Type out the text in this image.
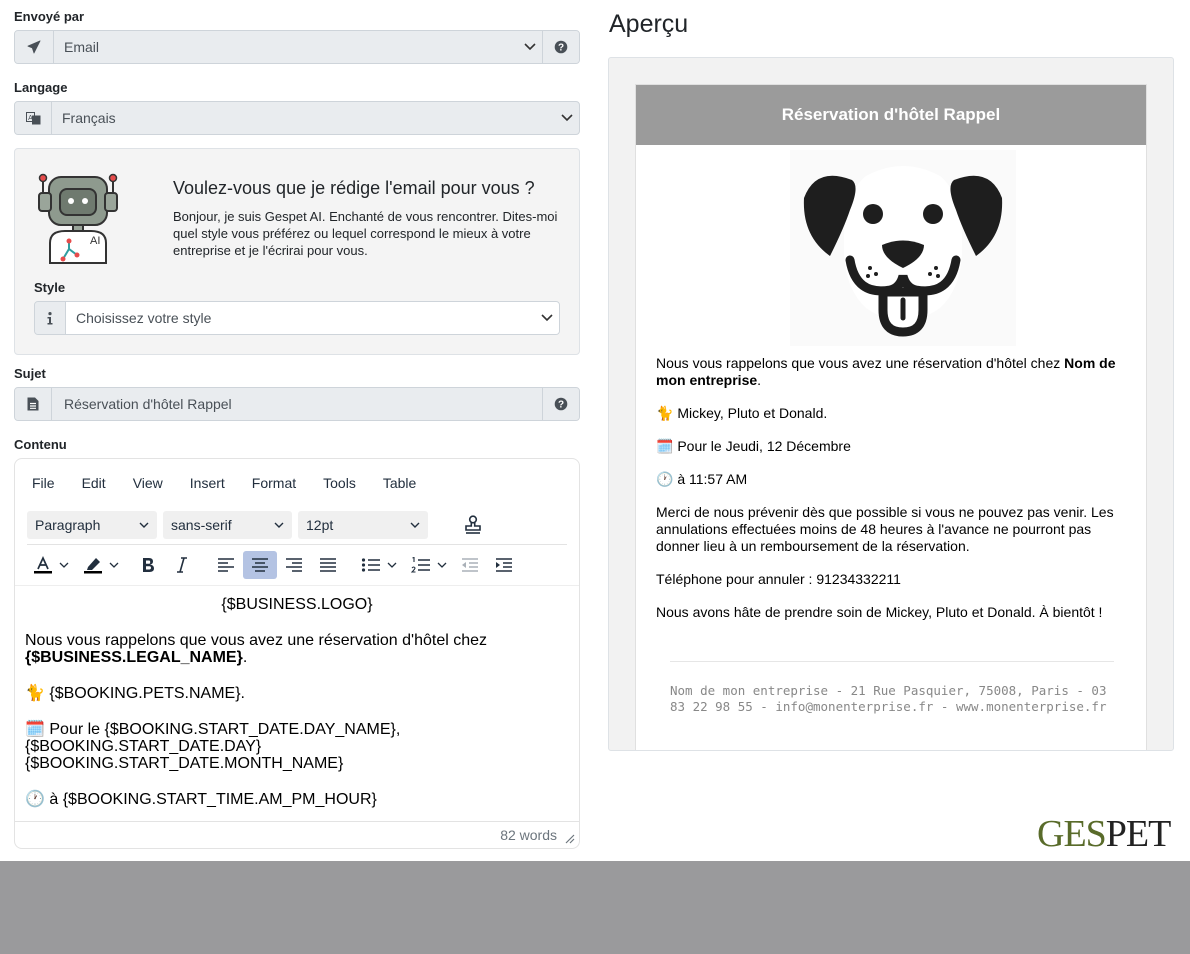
Envoyé par
Email	?
Langage
A Français
AI
Voulez-vous que je rédige l'email pour vous ?
Bonjour, je suis Gespet AI. Enchanté de vous rencontrer. Dites-moi quel style vous préférez ou lequel correspond le mieux à votre entreprise et je l'écrirai pour vous.
Style
Choisissez votre style
Sujet
Réservation d'hôtel Rappel	?
Contenu
File	Edit	View	Insert	Format	Tools	Table
Paragraph	sans-serif	12pt

{$BUSINESS.LOGO}

Nous vous rappelons que vous avez une réservation d'hôtel chez {$BUSINESS.LEGAL_NAME}.

🐈 {$BOOKING.PETS.NAME}.

🗓️ Pour le {$BOOKING.START_DATE.DAY_NAME},
{$BOOKING.START_DATE.DAY}
{$BOOKING.START_DATE.MONTH_NAME}

🕐 à {$BOOKING.START_TIME.AM_PM_HOUR}

82 words
Aperçu
Réservation d'hôtel Rappel

Nous vous rappelons que vous avez une réservation d'hôtel chez Nom de mon entreprise.

🐈 Mickey, Pluto et Donald.

🗓️ Pour le Jeudi, 12 Décembre

🕐 à 11:57 AM

Merci de nous prévenir dès que possible si vous ne pouvez pas venir. Les annulations effectuées moins de 48 heures à l'avance ne pourront pas donner lieu à un remboursement de la réservation.

Téléphone pour annuler : 91234332211

Nous avons hâte de prendre soin de Mickey, Pluto et Donald. À bientôt !

Nom de mon entreprise - 21 Rue Pasquier, 75008, Paris - 03 83 22 98 55 - info@monenterprise.fr - www.monenterprise.fr
GESPET
